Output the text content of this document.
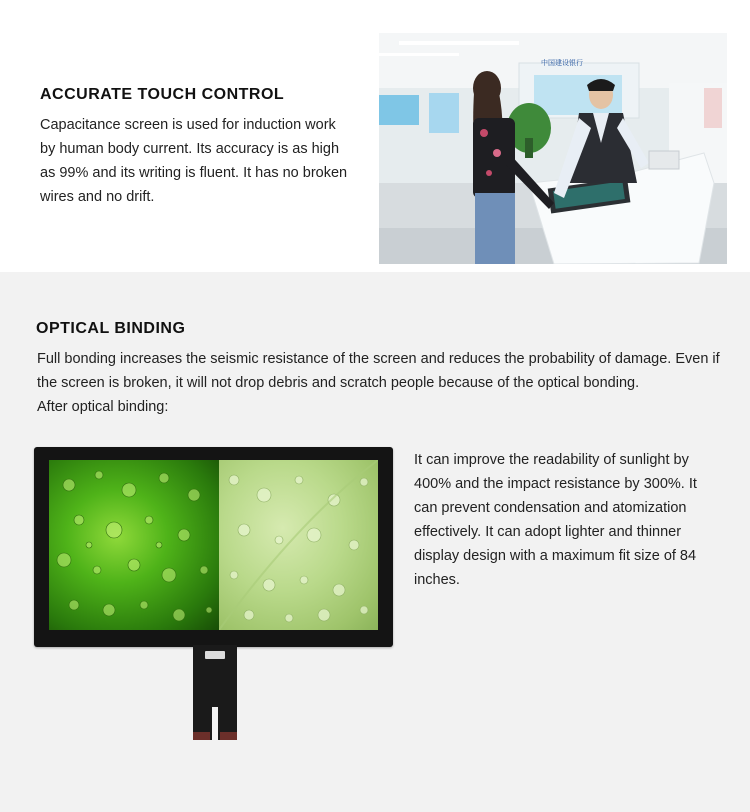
ACCURATE TOUCH CONTROL

Capacitance screen is used for induction work by human body current. Its accuracy is as high as 99% and its writing is fluent. It has no broken wires and no drift.

中国建设银行
OPTICAL BINDING

Full bonding increases the seismic resistance of the screen and reduces the probability of damage. Even if the screen is broken, it will not drop debris and scratch people because of the optical bonding.

After optical binding:

It can improve the readability of sunlight by 400% and the impact resistance by 300%. It can prevent condensation and atomization effectively. It can adopt lighter and thinner display design with a maximum fit size of 84 inches.
